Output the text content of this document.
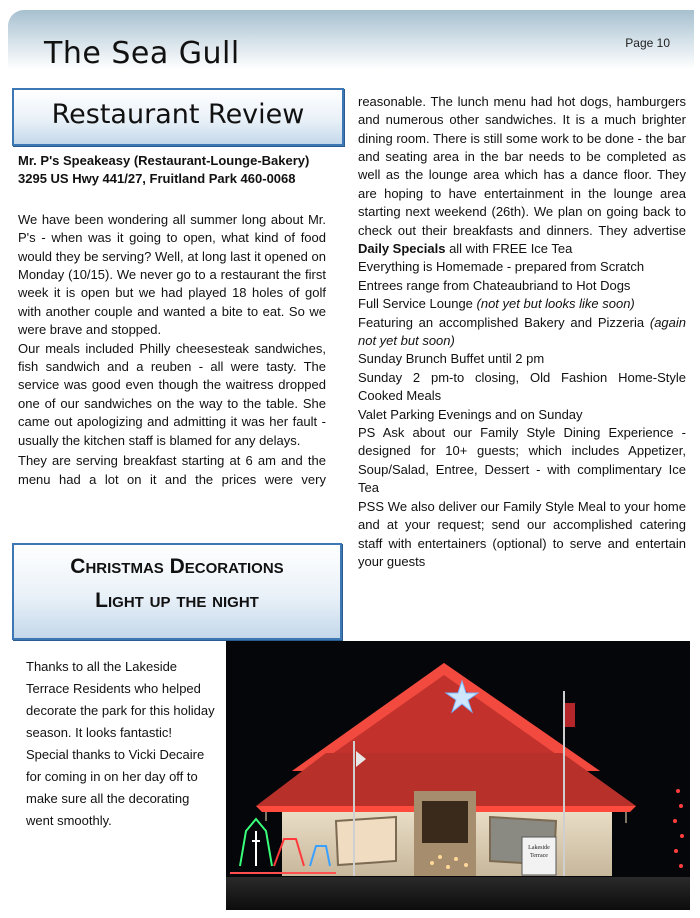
The Sea Gull	Page 10
Restaurant Review
Mr. P's Speakeasy (Restaurant-Lounge-Bakery)
3295 US Hwy 441/27, Fruitland Park 460-0068

We have been wondering all summer long about Mr. P's - when was it going to open, what kind of food would they be serving? Well, at long last it opened on Monday (10/15). We never go to a restaurant the first week it is open but we had played 18 holes of golf with another couple and wanted a bite to eat. So we were brave and stopped.

Our meals included Philly cheesesteak sandwiches, fish sandwich and a reuben - all were tasty. The service was good even though the waitress dropped one of our sandwiches on the way to the table. She came out apologizing and admitting it was her fault - usually the kitchen staff is blamed for any delays.

They are serving breakfast starting at 6 am and the menu had a lot on it and the prices were very

reasonable. The lunch menu had hot dogs, hamburgers and numerous other sandwiches. It is a much brighter dining room. There is still some work to be done - the bar and seating area in the bar needs to be completed as well as the lounge area which has a dance floor. They are hoping to have entertainment in the lounge area starting next weekend (26th). We plan on going back to check out their breakfasts and dinners. They advertise

Daily Specials all with FREE Ice Tea

Everything is Homemade - prepared from Scratch

Entrees range from Chateaubriand to Hot Dogs

Full Service Lounge (not yet but looks like soon)

Featuring an accomplished Bakery and Pizzeria (again not yet but soon)

Sunday Brunch Buffet until 2 pm

Sunday 2 pm-to closing, Old Fashion Home-Style Cooked Meals

Valet Parking Evenings and on Sunday

PS Ask about our Family Style Dining Experience - designed for 10+ guests; which includes Appetizer, Soup/Salad, Entree, Dessert - with complimentary Ice Tea

PSS We also deliver our Family Style Meal to your home and at your request; send our accomplished catering staff with entertainers (optional) to serve and entertain your guests

Christmas Decorations
Light up the night
Thanks to all the Lakeside Terrace Residents who helped decorate the park for this holiday season. It looks fantastic! Special thanks to Vicki Decaire for coming in on her day off to make sure all the decorating went smoothly.
Lakeside
Terrace
